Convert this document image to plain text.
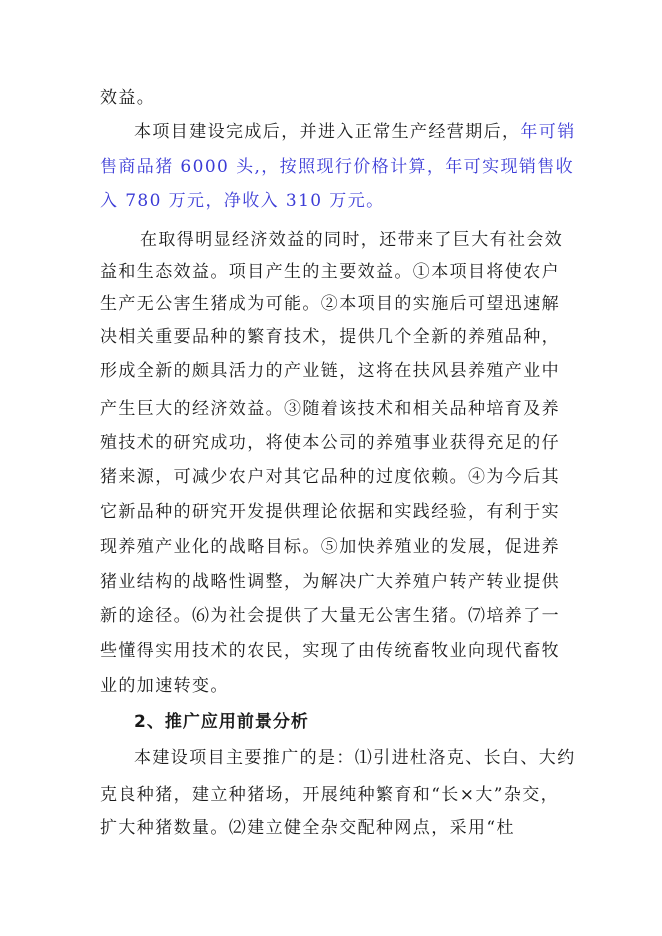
效益。
本项目建设完成后，并进入正常生产经营期后，年可销
售商品猪 6000 头,，按照现行价格计算，年可实现销售收
入 780 万元，净收入 310 万元。
在取得明显经济效益的同时，还带来了巨大有社会效
益和生态效益。项目产生的主要效益。①本项目将使农户
生产无公害生猪成为可能。②本项目的实施后可望迅速解
决相关重要品种的繁育技术，提供几个全新的养殖品种，
形成全新的颇具活力的产业链，这将在扶风县养殖产业中
产生巨大的经济效益。③随着该技术和相关品种培育及养
殖技术的研究成功，将使本公司的养殖事业获得充足的仔
猪来源，可减少农户对其它品种的过度依赖。④为今后其
它新品种的研究开发提供理论依据和实践经验，有利于实
现养殖产业化的战略目标。⑤加快养殖业的发展，促进养
猪业结构的战略性调整，为解决广大养殖户转产转业提供
新的途径。⑹为社会提供了大量无公害生猪。⑺培养了一
些懂得实用技术的农民，实现了由传统畜牧业向现代畜牧
业的加速转变。
2、推广应用前景分析
本建设项目主要推广的是：⑴引进杜洛克、长白、大约
克良种猪，建立种猪场，开展纯种繁育和“长×大”杂交，
扩大种猪数量。⑵建立健全杂交配种网点，采用“杜
